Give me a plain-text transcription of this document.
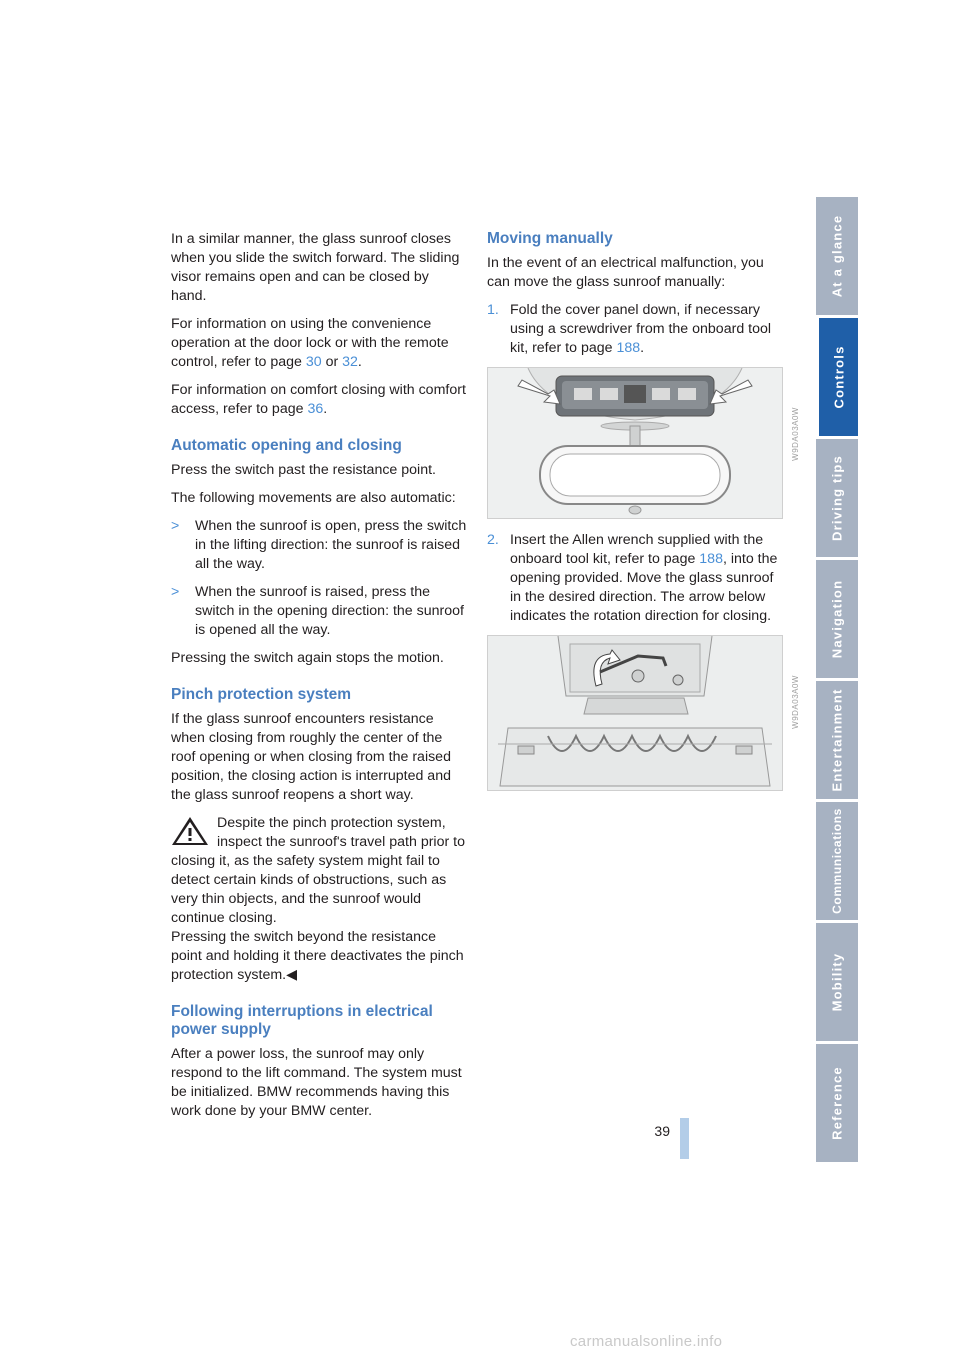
In a similar manner, the glass sunroof closes when you slide the switch forward. The sliding visor remains open and can be closed by hand.

For information on using the convenience operation at the door lock or with the remote control, refer to page 30 or 32.

For information on comfort closing with comfort access, refer to page 36.

Automatic opening and closing

Press the switch past the resistance point.

The following movements are also automatic:

>	When the sunroof is open, press the switch in the lifting direction: the sunroof is raised all the way.
>	When the sunroof is raised, press the switch in the opening direction: the sunroof is opened all the way.

Pressing the switch again stops the motion.

Pinch protection system

If the glass sunroof encounters resistance when closing from roughly the center of the roof opening or when closing from the raised position, the closing action is interrupted and the glass sunroof reopens a short way.

Despite the pinch protection system, inspect the sunroof's travel path prior to closing it, as the safety system might fail to detect certain kinds of obstructions, such as very thin objects, and the sunroof would continue closing.
Pressing the switch beyond the resistance point and holding it there deactivates the pinch protection system.◀
Following interruptions in electrical power supply

After a power loss, the sunroof may only respond to the lift command. The system must be initialized. BMW recommends having this work done by your BMW center.

Moving manually

In the event of an electrical malfunction, you can move the glass sunroof manually:

1. Fold the cover panel down, if necessary using a screwdriver from the onboard tool kit, refer to page 188.
W9DA03A0W
2. Insert the Allen wrench supplied with the onboard tool kit, refer to page 188, into the opening provided. Move the glass sunroof in the desired direction. The arrow below indicates the rotation direction for closing.
W9DA03A0W
At a glance
Controls
Driving tips
Navigation
Entertainment
Communications
Mobility
Reference
39
carmanualsonline.info
